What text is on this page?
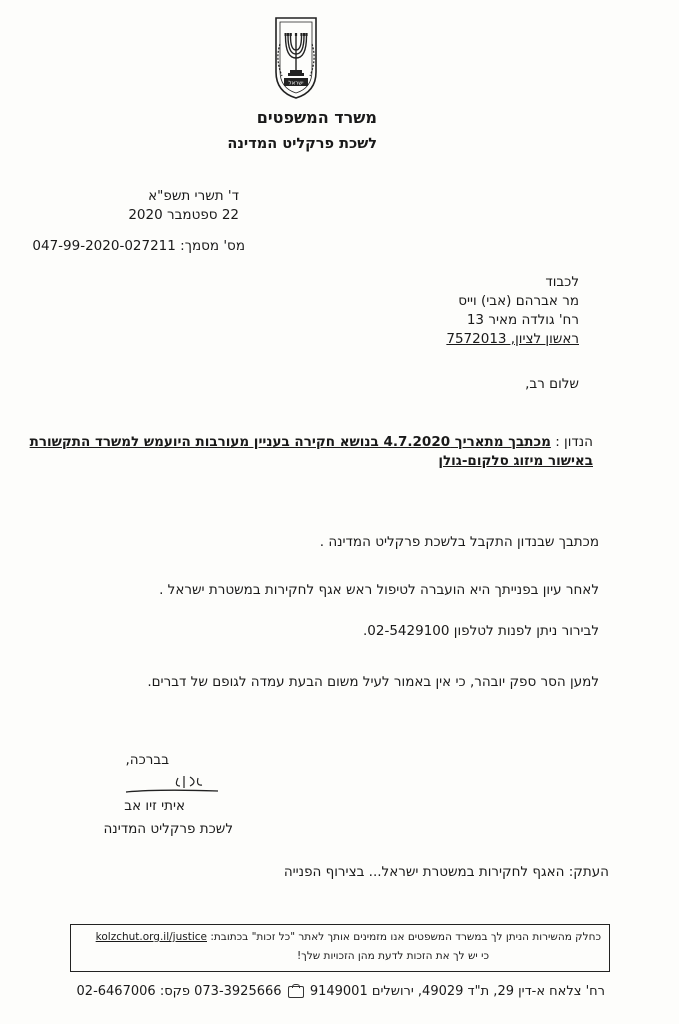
ישראל
משרד המשפטים
לשכת פרקליט המדינה
ד' תשרי תשפ"א
22 ספטמבר 2020
מס' מסמך: 047-99-2020-027211
לכבוד
מר אברהם (אבי) וייס
רח' גולדה מאיר 13
ראשון לציון, 7572013
שלום רב,
הנדון : מכתבך מתאריך 4.7.2020 בנושא חקירה בעניין מעורבות היועמש למשרד התקשורת
באישור מיזוג סלקום-גולן
מכתבך שבנדון התקבל בלשכת פרקליט המדינה .
לאחר עיון בפנייתך היא הועברה לטיפול ראש אגף לחקירות במשטרת ישראל .
לבירור ניתן לפנות לטלפון 02-5429100.
למען הסר ספק יובהר, כי אין באמור לעיל משום הבעת עמדה לגופם של דברים.
בברכה,
איתי זיו אב
לשכת פרקליט המדינה
העתק: האגף לחקירות במשטרת ישראל... בצירוף הפנייה
כחלק מהשירות הניתן לך במשרד המשפטים אנו מזמינים אותך לאתר "כל זכות" בכתובת: kolzchut.org.il/justice
כי יש לך את הזכות לדעת מהן הזכויות שלך!
רח' צלאח א-דין 29, ת"ד 49029, ירושלים 9149001  073-3925666 פקס: 02-6467006
